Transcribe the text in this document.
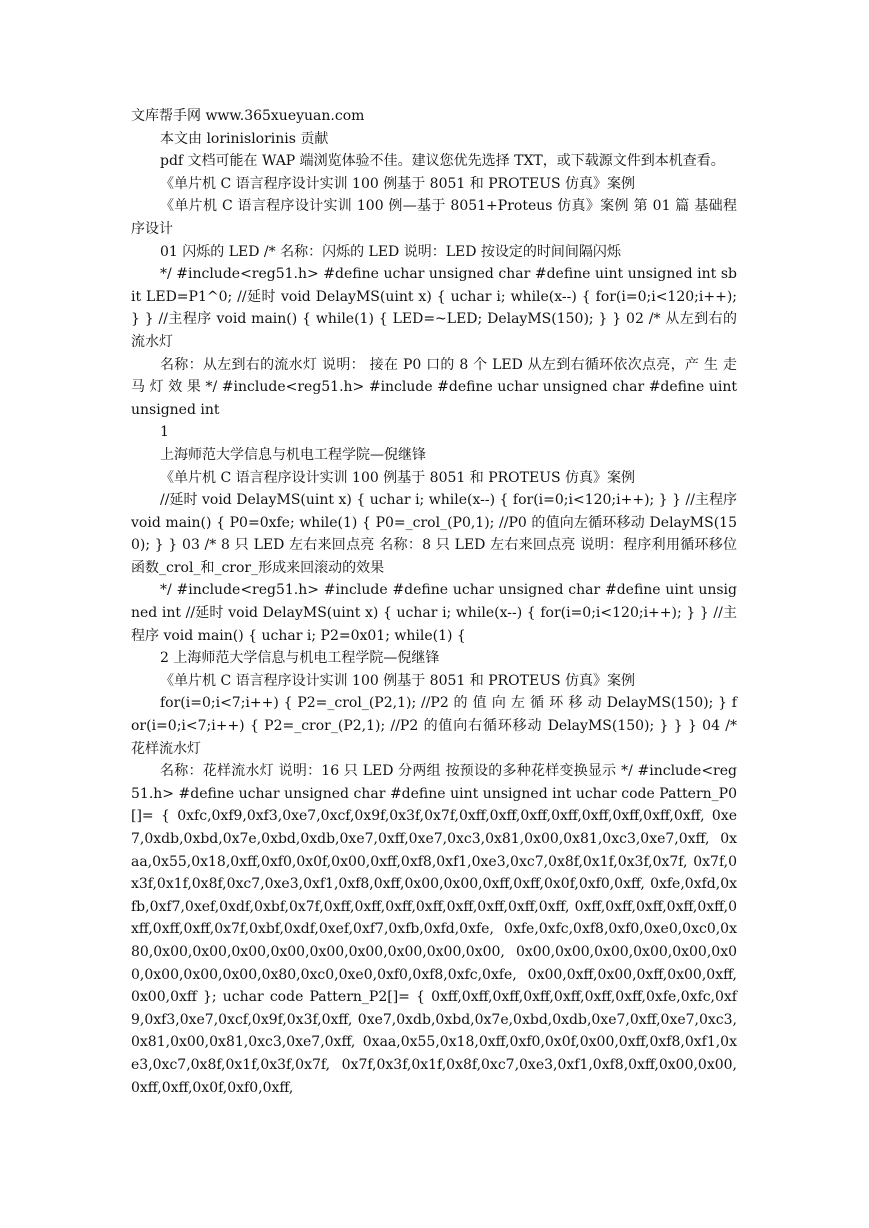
文库帮手网 www.365xueyuan.com
本文由 lorinislorinis 贡献
pdf 文档可能在 WAP 端浏览体验不佳。建议您优先选择 TXT，或下载源文件到本机查看。
《单片机 C 语言程序设计实训 100 例基于 8051 和 PROTEUS 仿真》案例
《单片机 C 语言程序设计实训 100 例—基于 8051+Proteus 仿真》案例 第 01 篇 基础程序设计
01 闪烁的 LED /* 名称：闪烁的 LED 说明：LED 按设定的时间间隔闪烁
*/ #include<reg51.h> #define uchar unsigned char #define uint unsigned int sbit LED=P1^0; //延时 void DelayMS(uint x) { uchar i; while(x--) { for(i=0;i<120;i++); } } //主程序 void main() { while(1) { LED=~LED; DelayMS(150); } } 02 /* 从左到右的流水灯
名称：从左到右的流水灯 说明： 接在 P0 口的 8 个 LED 从左到右循环依次点亮，产 生 走 马 灯 效 果 */ #include<reg51.h> #include #define uchar unsigned char #define uint unsigned int
1
上海师范大学信息与机电工程学院—倪继锋
《单片机 C 语言程序设计实训 100 例基于 8051 和 PROTEUS 仿真》案例
//延时 void DelayMS(uint x) { uchar i; while(x--) { for(i=0;i<120;i++); } } //主程序 void main() { P0=0xfe; while(1) { P0=_crol_(P0,1); //P0 的值向左循环移动 DelayMS(150); } } 03 /* 8 只 LED 左右来回点亮 名称：8 只 LED 左右来回点亮 说明：程序利用循环移位函数_crol_和_cror_形成来回滚动的效果
*/ #include<reg51.h> #include #define uchar unsigned char #define uint unsigned int //延时 void DelayMS(uint x) { uchar i; while(x--) { for(i=0;i<120;i++); } } //主程序 void main() { uchar i; P2=0x01; while(1) {
2 上海师范大学信息与机电工程学院—倪继锋
《单片机 C 语言程序设计实训 100 例基于 8051 和 PROTEUS 仿真》案例
for(i=0;i<7;i++) { P2=_crol_(P2,1); //P2 的 值 向 左 循 环 移 动 DelayMS(150); } for(i=0;i<7;i++) { P2=_cror_(P2,1); //P2 的值向右循环移动 DelayMS(150); } } } 04 /* 花样流水灯
名称：花样流水灯 说明：16 只 LED 分两组 按预设的多种花样变换显示 */ #include<reg51.h> #define uchar unsigned char #define uint unsigned int uchar code Pattern_P0[]= { 0xfc,0xf9,0xf3,0xe7,0xcf,0x9f,0x3f,0x7f,0xff,0xff,0xff,0xff,0xff,0xff,0xff,0xff, 0xe7,0xdb,0xbd,0x7e,0xbd,0xdb,0xe7,0xff,0xe7,0xc3,0x81,0x00,0x81,0xc3,0xe7,0xff, 0xaa,0x55,0x18,0xff,0xf0,0x0f,0x00,0xff,0xf8,0xf1,0xe3,0xc7,0x8f,0x1f,0x3f,0x7f, 0x7f,0x3f,0x1f,0x8f,0xc7,0xe3,0xf1,0xf8,0xff,0x00,0x00,0xff,0xff,0x0f,0xf0,0xff, 0xfe,0xfd,0xfb,0xf7,0xef,0xdf,0xbf,0x7f,0xff,0xff,0xff,0xff,0xff,0xff,0xff,0xff, 0xff,0xff,0xff,0xff,0xff,0xff,0xff,0xff,0x7f,0xbf,0xdf,0xef,0xf7,0xfb,0xfd,0xfe, 0xfe,0xfc,0xf8,0xf0,0xe0,0xc0,0x80,0x00,0x00,0x00,0x00,0x00,0x00,0x00,0x00,0x00, 0x00,0x00,0x00,0x00,0x00,0x00,0x00,0x00,0x00,0x80,0xc0,0xe0,0xf0,0xf8,0xfc,0xfe, 0x00,0xff,0x00,0xff,0x00,0xff,0x00,0xff }; uchar code Pattern_P2[]= { 0xff,0xff,0xff,0xff,0xff,0xff,0xff,0xfe,0xfc,0xf9,0xf3,0xe7,0xcf,0x9f,0x3f,0xff, 0xe7,0xdb,0xbd,0x7e,0xbd,0xdb,0xe7,0xff,0xe7,0xc3,0x81,0x00,0x81,0xc3,0xe7,0xff, 0xaa,0x55,0x18,0xff,0xf0,0x0f,0x00,0xff,0xf8,0xf1,0xe3,0xc7,0x8f,0x1f,0x3f,0x7f, 0x7f,0x3f,0x1f,0x8f,0xc7,0xe3,0xf1,0xf8,0xff,0x00,0x00,0xff,0xff,0x0f,0xf0,0xff,
